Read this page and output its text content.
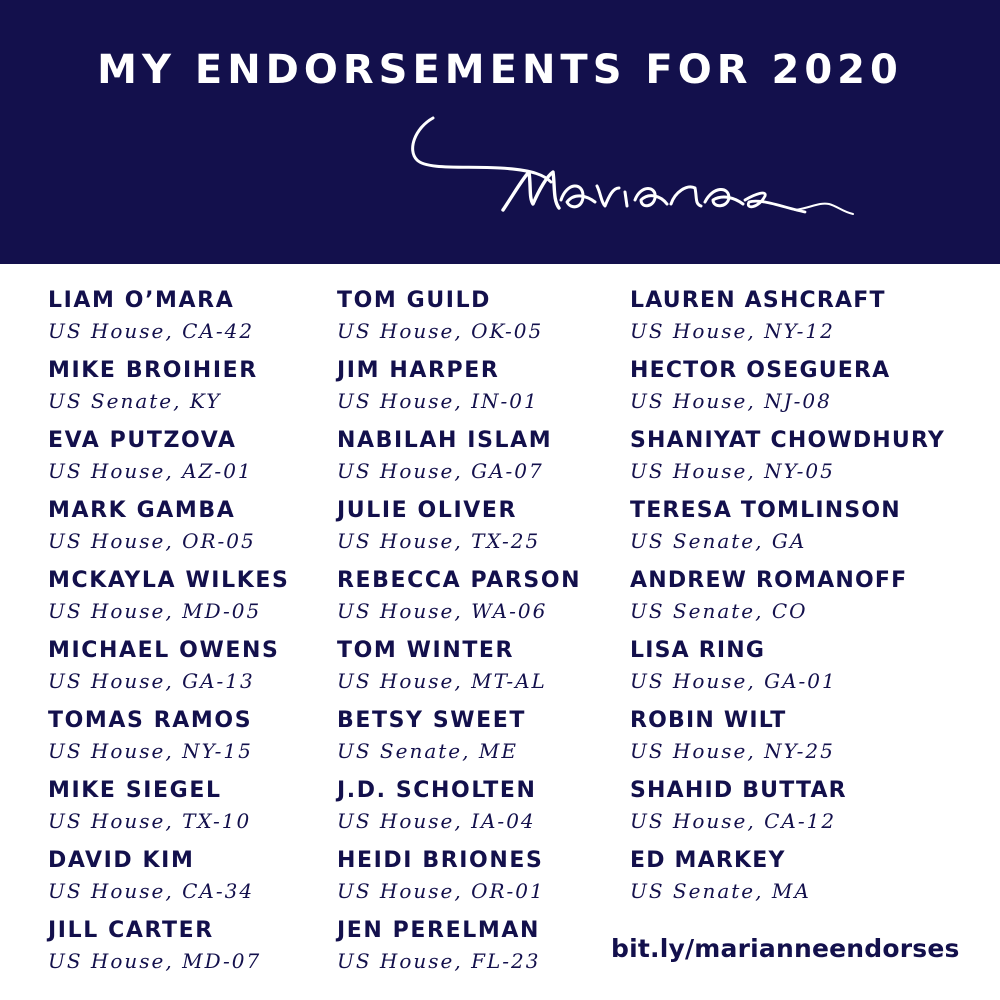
MY ENDORSEMENTS FOR 2020
LIAM O’MARA
US House, CA-42
MIKE BROIHIER
US Senate, KY
EVA PUTZOVA
US House, AZ-01
MARK GAMBA
US House, OR-05
MCKAYLA WILKES
US House, MD-05
MICHAEL OWENS
US House, GA-13
TOMAS RAMOS
US House, NY-15
MIKE SIEGEL
US House, TX-10
DAVID KIM
US House, CA-34
JILL CARTER
US House, MD-07
TOM GUILD
US House, OK-05
JIM HARPER
US House, IN-01
NABILAH ISLAM
US House, GA-07
JULIE OLIVER
US House, TX-25
REBECCA PARSON
US House, WA-06
TOM WINTER
US House, MT-AL
BETSY SWEET
US Senate, ME
J.D. SCHOLTEN
US House, IA-04
HEIDI BRIONES
US House, OR-01
JEN PERELMAN
US House, FL-23
LAUREN ASHCRAFT
US House, NY-12
HECTOR OSEGUERA
US House, NJ-08
SHANIYAT CHOWDHURY
US House, NY-05
TERESA TOMLINSON
US Senate, GA
ANDREW ROMANOFF
US Senate, CO
LISA RING
US House, GA-01
ROBIN WILT
US House, NY-25
SHAHID BUTTAR
US House, CA-12
ED MARKEY
US Senate, MA
bit.ly/marianneendorses
